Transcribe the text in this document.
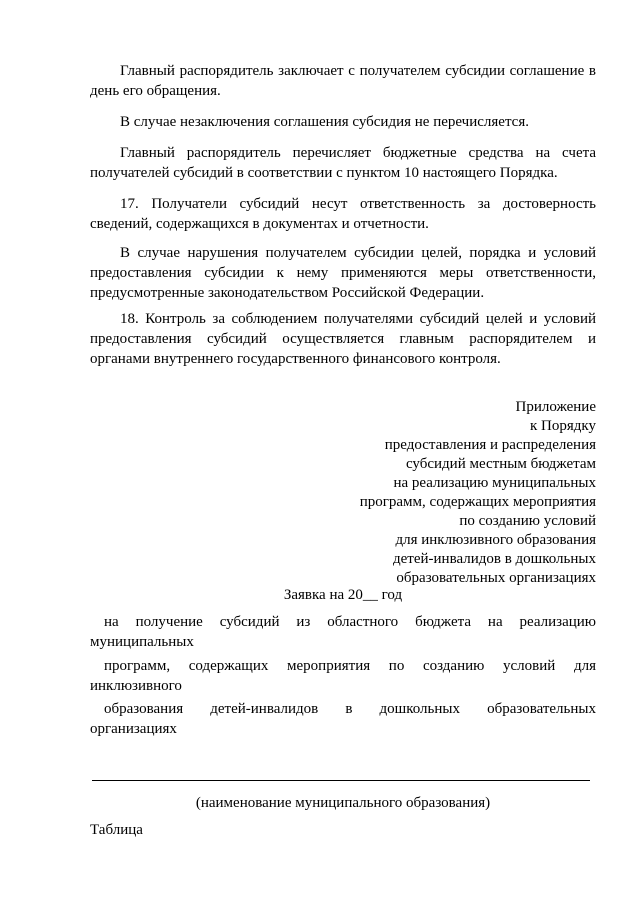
Главный распорядитель заключает с получателем субсидии соглашение в день его обращения.

В случае незаключения соглашения субсидия не перечисляется.

Главный распорядитель перечисляет бюджетные средства на счета получателей субсидий в соответствии с пунктом 10 настоящего Порядка.

17. Получатели субсидий несут ответственность за достоверность сведений, содержащихся в документах и отчетности.

В случае нарушения получателем субсидии целей, порядка и условий предоставления субсидии к нему применяются меры ответственности, предусмотренные законодательством Российской Федерации.

18. Контроль за соблюдением получателями субсидий целей и условий предоставления субсидий осуществляется главным распорядителем и органами внутреннего государственного финансового контроля.

Приложение
к Порядку
предоставления и распределения
субсидий местным бюджетам
на реализацию муниципальных
программ, содержащих мероприятия
по созданию условий
для инклюзивного образования
детей-инвалидов в дошкольных
образовательных организациях

Заявка на 20__ год

на получение субсидий из областного бюджета на реализацию
муниципальных
программ, содержащих мероприятия по созданию условий для
инклюзивного
образования детей-инвалидов в дошкольных образовательных
организациях
(наименование муниципального образования)
Таблица
